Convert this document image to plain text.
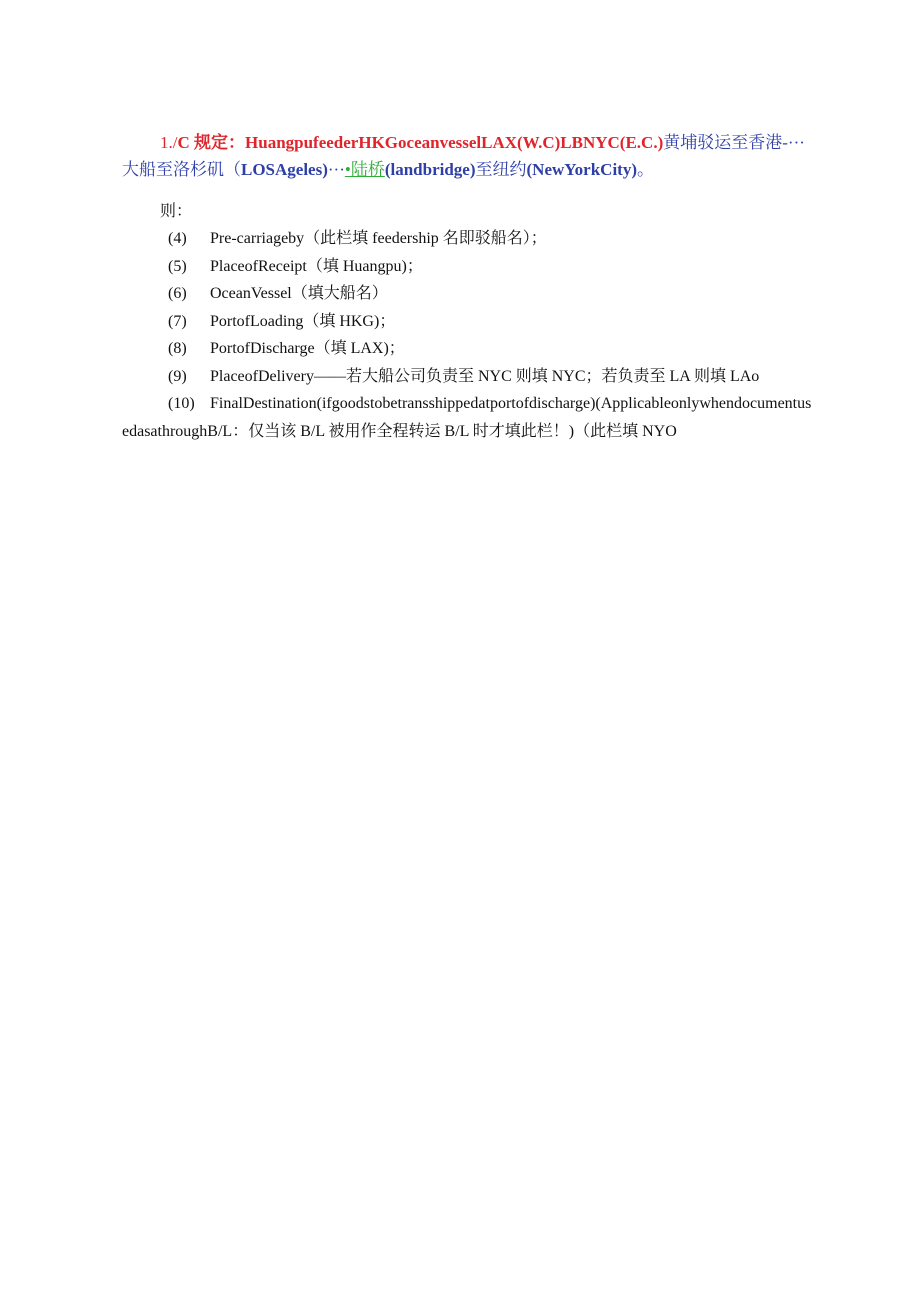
1./C 规定：HuangpufeederHKGoceanvesselLAX(W.C)LBNYC(E.C.)黄埔驳运至香港-··· 大船至洛杉矶（LOSAgeles)···•陆桥(landbridge)至纽约(NewYorkCity)。

则：

(4) Pre-carriageby（此栏填 feedership 名即驳船名）；
(5) PlaceofReceipt（填 Huangpu)；
(6) OceanVessel（填大船名）
(7) PortofLoading（填 HKG)；
(8) PortofDischarge（填 LAX)；
(9) PlaceofDelivery——若大船公司负责至 NYC 则填 NYC；若负责至 LA 则填 LAo
(10) FinalDestination(ifgoodstobetransshippedatportofdischarge)(ApplicableonlywhendocumentusedasathroughB/L：仅当该 B/L 被用作全程转运 B/L 时才填此栏！)（此栏填 NYO
